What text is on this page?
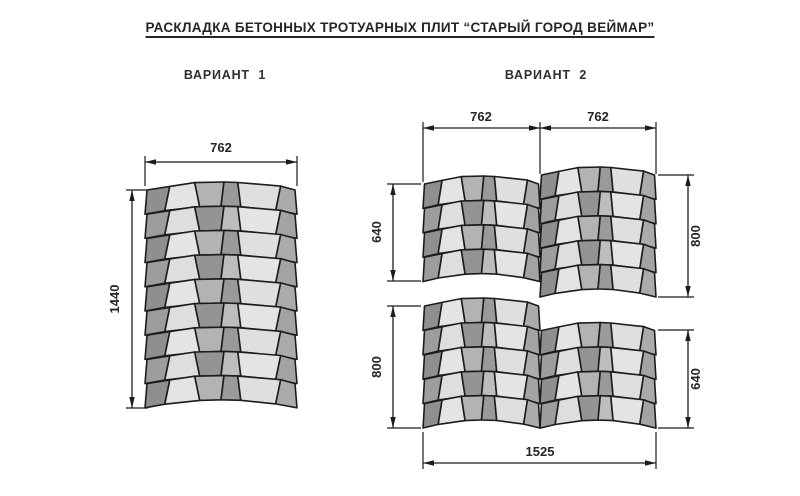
РАСКЛАДКА БЕТОННЫХ ТРОТУАРНЫХ ПЛИТ “СТАРЫЙ ГОРОД ВЕЙМАР”
ВАРИАНТ  1	ВАРИАНТ  2
762
1440
762	762
640	800
800
640
1525
